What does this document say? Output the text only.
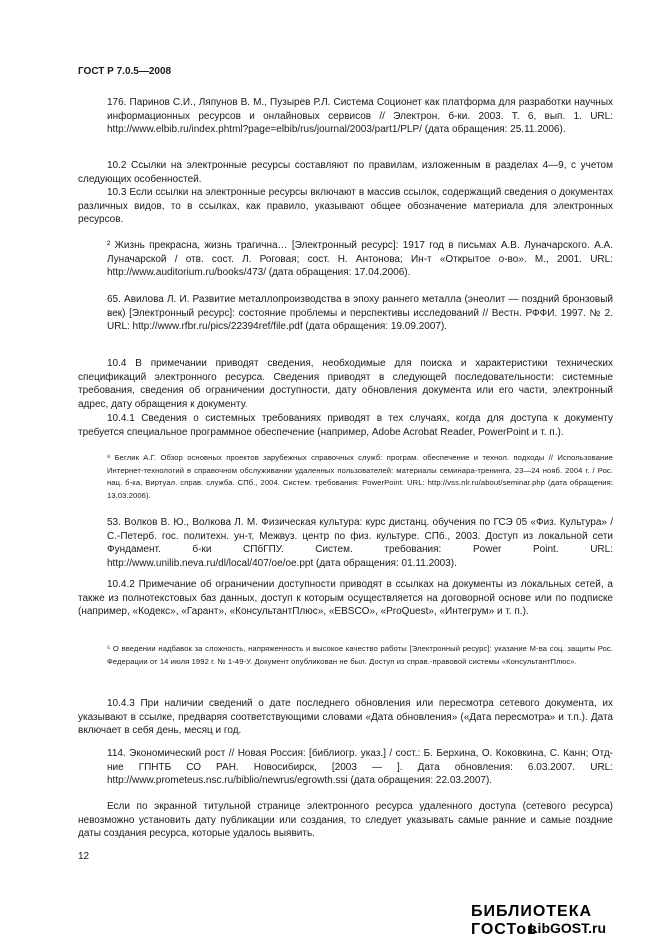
ГОСТ Р 7.0.5—2008
176. Паринов С.И., Ляпунов В. М., Пузырев Р.Л. Система Соционет как платформа для разработки научных информационных ресурсов и онлайновых сервисов // Электрон. б-ки. 2003. Т. 6, вып. 1. URL: http://www.elbib.ru/index.phtml?page=elbib/rus/journal/2003/part1/PLP/ (дата обращения: 25.11.2006).

10.2 Ссылки на электронные ресурсы составляют по правилам, изложенным в разделах 4—9, с учетом следующих особенностей.

10.3 Если ссылки на электронные ресурсы включают в массив ссылок, содержащий сведения о документах различных видов, то в ссылках, как правило, указывают общее обозначение материала для электронных ресурсов.

² Жизнь прекрасна, жизнь трагична… [Электронный ресурс]: 1917 год в письмах А.В. Луначарского. А.А. Луначарской / отв. сост. Л. Роговая; сост. Н. Антонова; Ин-т «Открытое о-во». М., 2001. URL: http://www.auditorium.ru/books/473/ (дата обращения: 17.04.2006).
65. Авилова Л. И. Развитие металлопроизводства в эпоху раннего металла (энеолит — поздний бронзовый век) [Электронный ресурс]: состояние проблемы и перспективы исследований // Вестн. РФФИ. 1997. № 2. URL: http://www.rfbr.ru/pics/22394ref/file.pdf (дата обращения: 19.09.2007).

10.4 В примечании приводят сведения, необходимые для поиска и характеристики технических спецификаций электронного ресурса. Сведения приводят в следующей последовательности: системные требования, сведения об ограничении доступности, дату обновления документа или его части, электронный адрес, дату обращения к документу.

10.4.1 Сведения о системных требованиях приводят в тех случаях, когда для доступа к документу требуется специальное программное обеспечение (например, Adobe Acrobat Reader, PowerPoint и т. п.).

⁸ Беглик А.Г. Обзор основных проектов зарубежных справочных служб: програм. обеспечение и технол. подходы // Использование Интернет-технологий в справочном обслуживании удаленных пользователей: материалы семинара-тренинга, 23—24 нояб. 2004 г. / Рос. нац. б-ка, Виртуал. справ. служба. СПб., 2004. Систем. требования: PowerPoint. URL: http://vss.nlr.ru/about/seminar.php (дата обращения: 13.03.2006).
53. Волков В. Ю., Волкова Л. М. Физическая культура: курс дистанц. обучения по ГСЭ 05 «Физ. Культура» / С.-Петерб. гос. политехн. ун-т, Межвуз. центр по физ. культуре. СПб., 2003. Доступ из локальной сети Фундамент. б-ки СПбГПУ. Систем. требования: Power Point. URL: http://www.unilib.neva.ru/dl/local/407/oe/oe.ppt (дата обращения: 01.11.2003).

10.4.2 Примечание об ограничении доступности приводят в ссылках на документы из локальных сетей, а также из полнотекстовых баз данных, доступ к которым осуществляется на договорной основе или по подписке (например, «Кодекс», «Гарант», «КонсультантПлюс», «EBSCO», «ProQuest», «Интегрум» и т. п.).

⁵ О введении надбавок за сложность, напряженность и высокое качество работы [Электронный ресурс]: указание М-ва соц. защиты Рос. Федерации от 14 июля 1992 г. № 1-49-У. Документ опубликован не был. Доступ из справ.-правовой системы «КонсультантПлюс».

10.4.3 При наличии сведений о дате последнего обновления или пересмотра сетевого документа, их указывают в ссылке, предваряя соответствующими словами «Дата обновления» («Дата пересмотра» и т.п.). Дата включает в себя день, месяц и год.

114. Экономический рост // Новая Россия: [библиогр. указ.] / сост.: Б. Берхина, О. Коковкина, С. Канн; Отд-ние ГПНТБ СО РАН. Новосибирск, [2003 — ]. Дата обновления: 6.03.2007. URL: http://www.prometeus.nsc.ru/biblio/newrus/egrowth.ssi (дата обращения: 22.03.2007).

Если по экранной титульной странице электронного ресурса удаленного доступа (сетевого ресурса) невозможно установить дату публикации или создания, то следует указывать самые ранние и самые поздние даты создания ресурса, которые удалось выявить.

12
БИБЛИОТЕКА ГОСТов
LibGOST.ru
